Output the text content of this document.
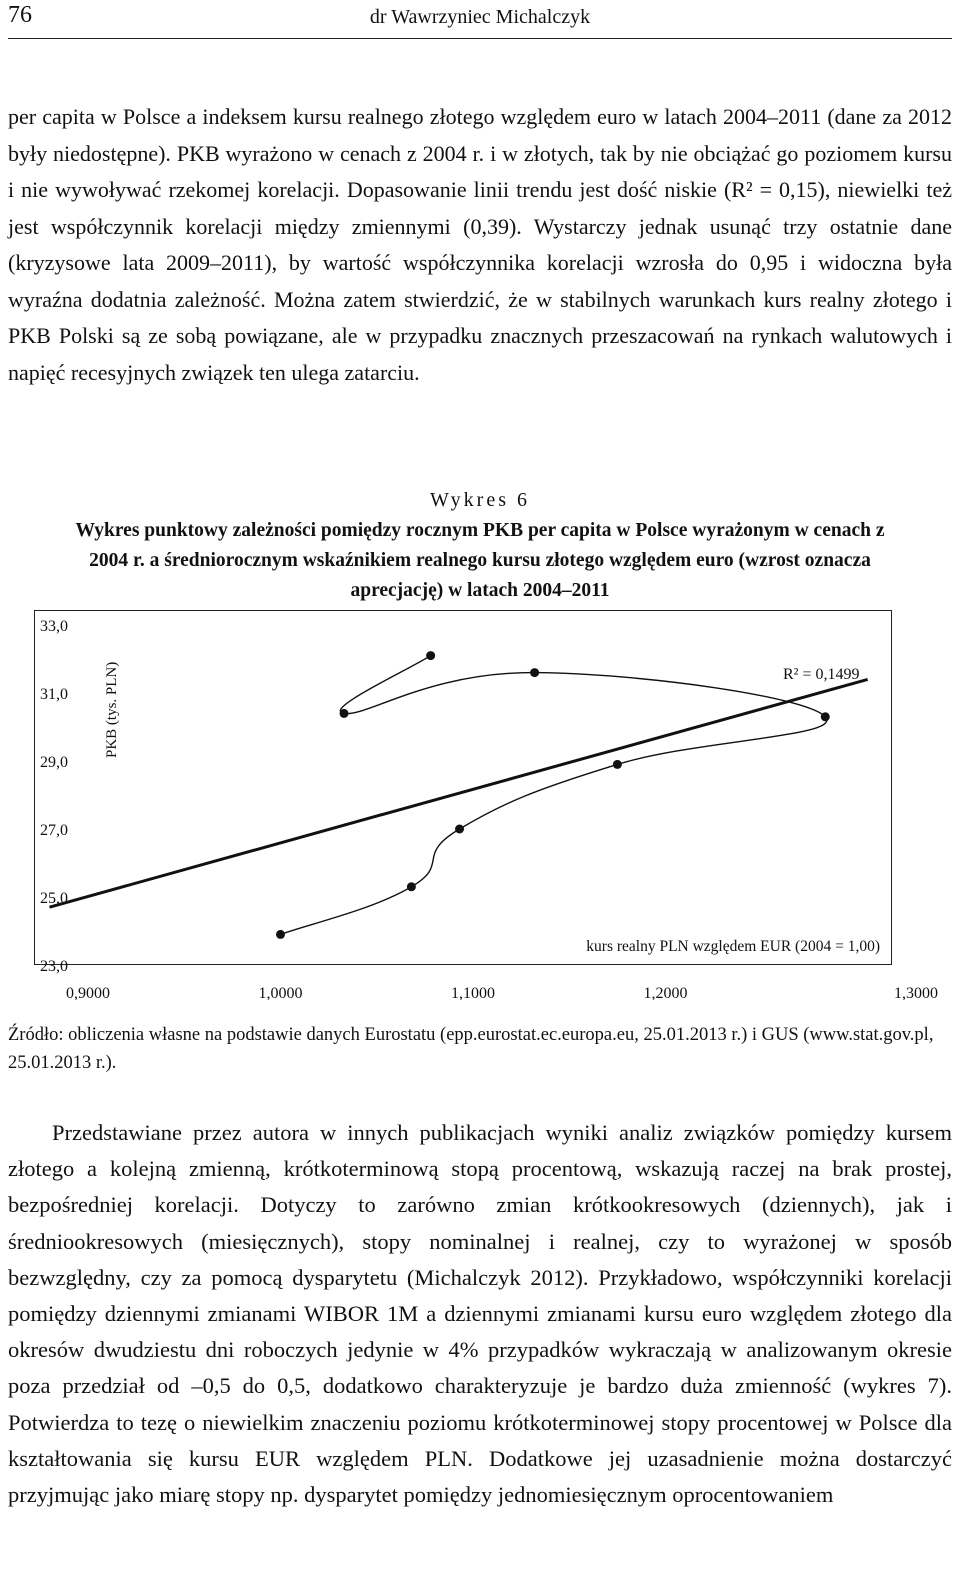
76	dr Wawrzyniec Michalczyk

per capita w Polsce a indeksem kursu realnego złotego względem euro w latach 2004–2011 (dane za 2012 były niedostępne). PKB wyrażono w cenach z 2004 r. i w złotych, tak by nie obciążać go poziomem kursu i nie wywoływać rzekomej korelacji. Dopasowanie linii trendu jest dość niskie (R² = 0,15), niewielki też jest współczynnik korelacji między zmiennymi (0,39). Wystarczy jednak usunąć trzy ostatnie dane (kryzysowe lata 2009–2011), by wartość współczynnika korelacji wzrosła do 0,95 i widoczna była wyraźna dodatnia zależność. Można zatem stwierdzić, że w stabilnych warunkach kurs realny złotego i PKB Polski są ze sobą powiązane, ale w przypadku znacznych przeszacowań na rynkach walutowych i napięć recesyjnych związek ten ulega zatarciu.

Wykres 6
Wykres punktowy zależności pomiędzy rocznym PKB per capita w Polsce wyrażonym w cenach z 2004 r. a średniorocznym wskaźnikiem realnego kursu złotego względem euro (wzrost oznacza aprecjację) w latach 2004–2011
33,0
31,0
29,0
27,0
25,0
23,0
0,9000	1,0000	1,1000	1,2000	1,3000
PKB (tys. PLN)
kurs realny PLN względem EUR (2004 = 1,00)
R² = 0,1499
Źródło: obliczenia własne na podstawie danych Eurostatu (epp.eurostat.ec.europa.eu, 25.01.2013 r.) i GUS (www.stat.gov.pl, 25.01.2013 r.).

Przedstawiane przez autora w innych publikacjach wyniki analiz związków pomiędzy kursem złotego a kolejną zmienną, krótkoterminową stopą procentową, wskazują raczej na brak prostej, bezpośredniej korelacji. Dotyczy to zarówno zmian krótkookresowych (dziennych), jak i średniookresowych (miesięcznych), stopy nominalnej i realnej, czy to wyrażonej w sposób bezwzględny, czy za pomocą dysparytetu (Michalczyk 2012). Przykładowo, współczynniki korelacji pomiędzy dziennymi zmianami WIBOR 1M a dziennymi zmianami kursu euro względem złotego dla okresów dwudziestu dni roboczych jedynie w 4% przypadków wykraczają w analizowanym okresie poza przedział od –0,5 do 0,5, dodatkowo charakteryzuje je bardzo duża zmienność (wykres 7). Potwierdza to tezę o niewielkim znaczeniu poziomu krótkoterminowej stopy procentowej w Polsce dla kształtowania się kursu EUR względem PLN. Dodatkowe jej uzasadnienie można dostarczyć przyjmując jako miarę stopy np. dysparytet pomiędzy jednomiesięcznym oprocentowaniem
